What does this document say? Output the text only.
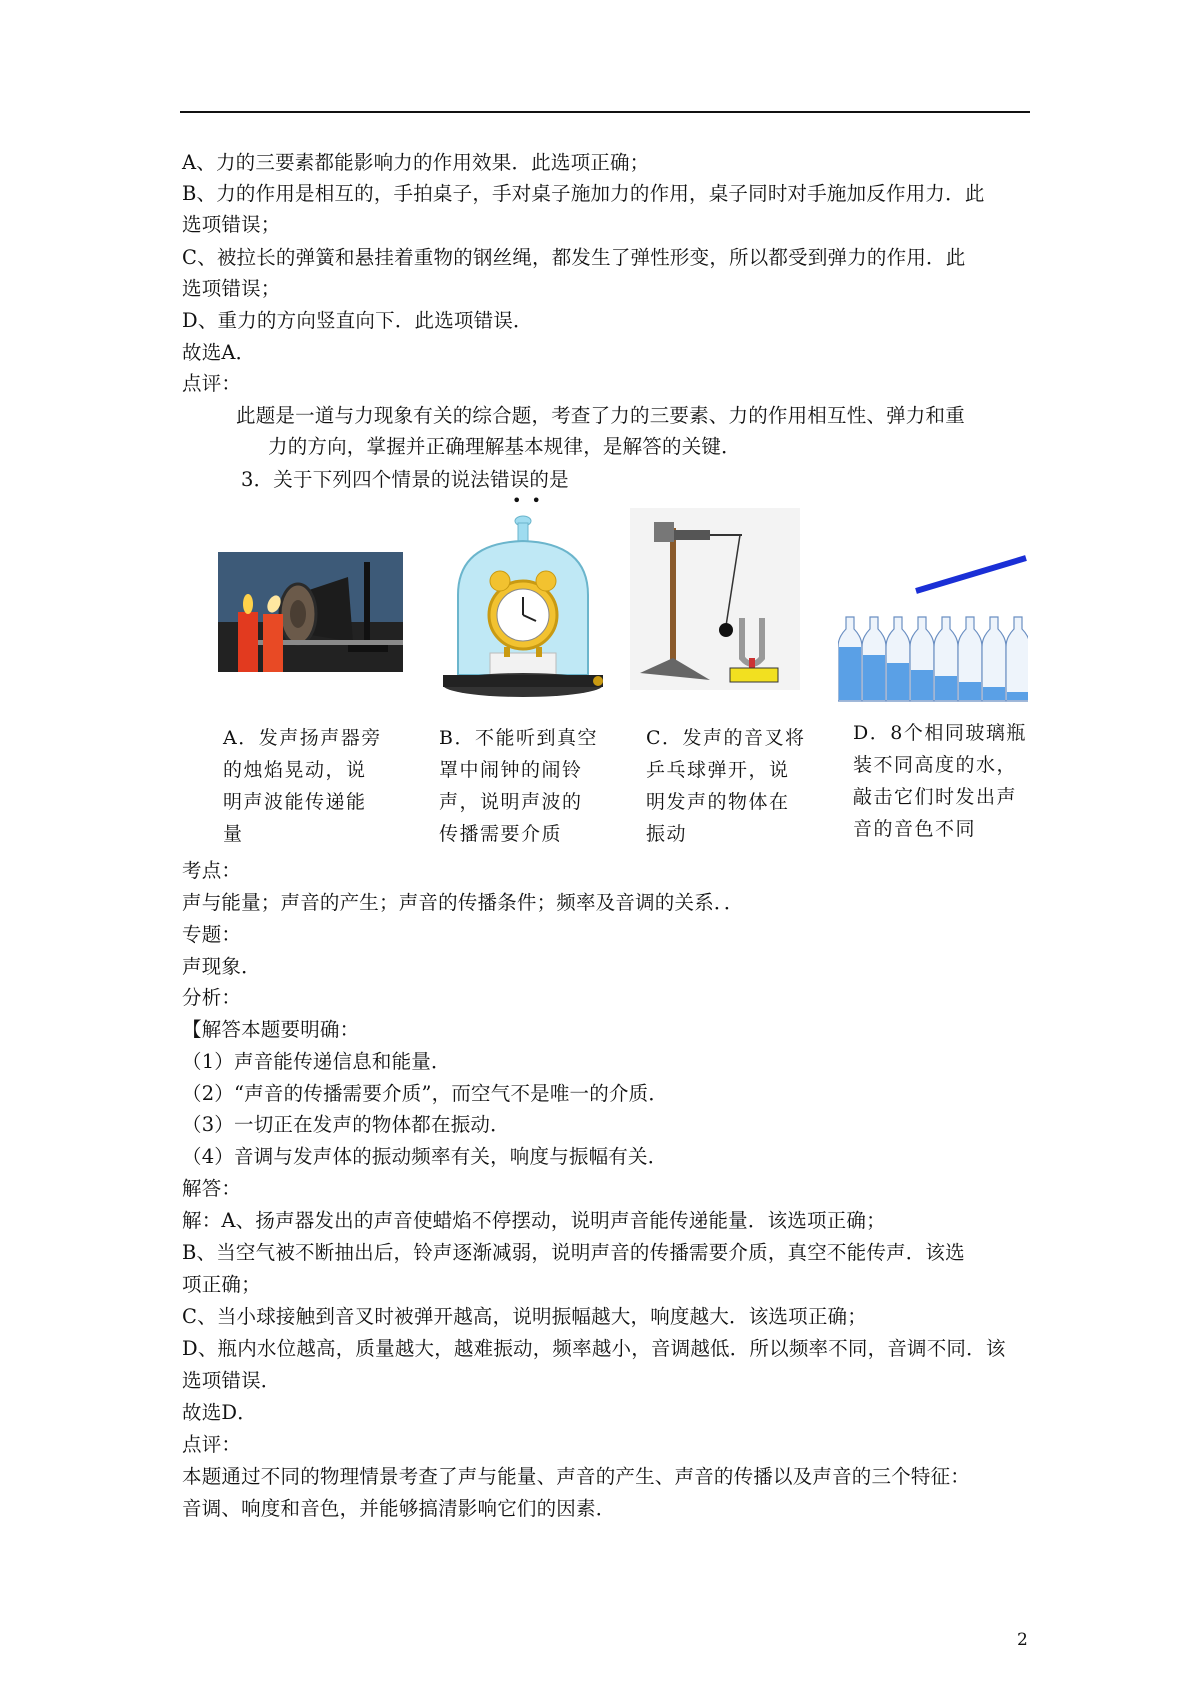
A、力的三要素都能影响力的作用效果．此选项正确；
B、力的作用是相互的，手拍桌子，手对桌子施加力的作用，桌子同时对手施加反作用力．此
选项错误；
C、被拉长的弹簧和悬挂着重物的钢丝绳，都发生了弹性形变，所以都受到弹力的作用．此
选项错误；
D、重力的方向竖直向下．此选项错误．
故选A．
点评：
此题是一道与力现象有关的综合题，考查了力的三要素、力的作用相互性、弹力和重
力的方向，掌握并正确理解基本规律，是解答的关键．
3．关于下列四个情景的说法错误的是
••
A．发声扬声器旁
的烛焰晃动，说
明声波能传递能
量
B．不能听到真空
罩中闹钟的闹铃
声，说明声波的
传播需要介质
C．发声的音叉将
乒乓球弹开，说
明发声的物体在
振动
D．8个相同玻璃瓶
装不同高度的水，
敲击它们时发出声
音的音色不同
考点：
声与能量；声音的产生；声音的传播条件；频率及音调的关系．．
专题：
声现象．
分析：
【解答本题要明确：
（1）声音能传递信息和能量．
（2）“声音的传播需要介质”，而空气不是唯一的介质．
（3）一切正在发声的物体都在振动．
（4）音调与发声体的振动频率有关，响度与振幅有关．
解答：
解：A、扬声器发出的声音使蜡焰不停摆动，说明声音能传递能量．该选项正确；
B、当空气被不断抽出后，铃声逐渐减弱，说明声音的传播需要介质，真空不能传声．该选
项正确；
C、当小球接触到音叉时被弹开越高，说明振幅越大，响度越大．该选项正确；
D、瓶内水位越高，质量越大，越难振动，频率越小，音调越低．所以频率不同，音调不同．该
选项错误．
故选D．
点评：
本题通过不同的物理情景考查了声与能量、声音的产生、声音的传播以及声音的三个特征：
音调、响度和音色，并能够搞清影响它们的因素．
2
